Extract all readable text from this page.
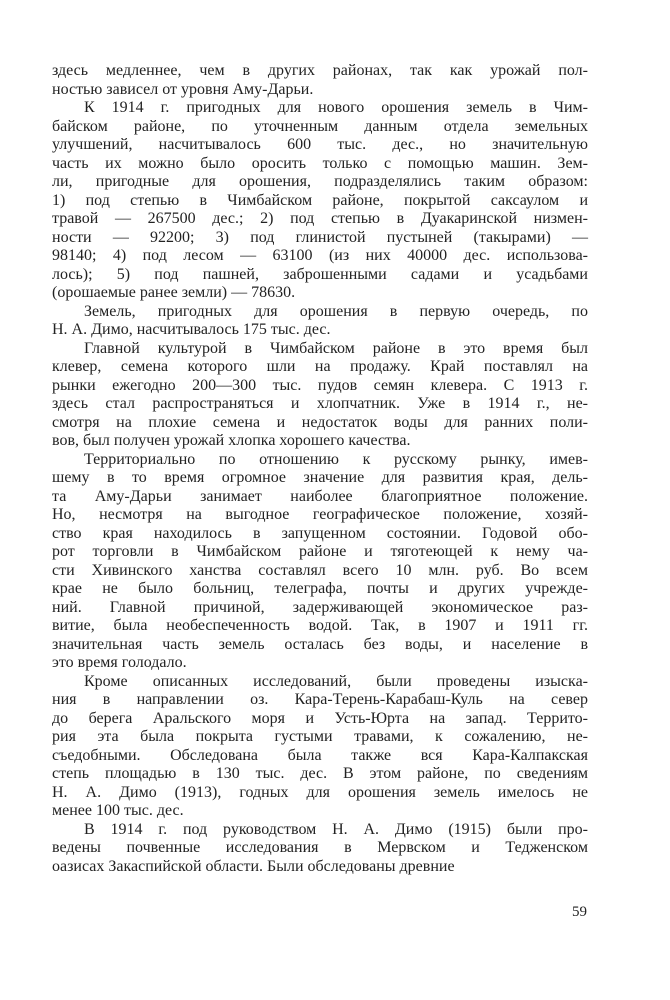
здесь медленнее, чем в других районах, так как урожай пол-
ностью зависел от уровня Аму-Дарьи.
К 1914 г. пригодных для нового орошения земель в Чим-
байском районе, по уточненным данным отдела земельных
улучшений, насчитывалось 600 тыс. дес., но значительную
часть их можно было оросить только с помощью машин. Зем-
ли, пригодные для орошения, подразделялись таким образом:
1) под степью в Чимбайском районе, покрытой саксаулом и
травой — 267500 дес.; 2) под степью в Дуакаринской низмен-
ности — 92200; 3) под глинистой пустыней (такырами) —
98140; 4) под лесом — 63100 (из них 40000 дес. использова-
лось); 5) под пашней, заброшенными садами и усадьбами
(орошаемые ранее земли) — 78630.
Земель, пригодных для орошения в первую очередь, по
Н. А. Димо, насчитывалось 175 тыс. дес.
Главной культурой в Чимбайском районе в это время был
клевер, семена которого шли на продажу. Край поставлял на
рынки ежегодно 200—300 тыс. пудов семян клевера. С 1913 г.
здесь стал распространяться и хлопчатник. Уже в 1914 г., не-
смотря на плохие семена и недостаток воды для ранних поли-
вов, был получен урожай хлопка хорошего качества.
Территориально по отношению к русскому рынку, имев-
шему в то время огромное значение для развития края, дель-
та Аму-Дарьи занимает наиболее благоприятное положение.
Но, несмотря на выгодное географическое положение, хозяй-
ство края находилось в запущенном состоянии. Годовой обо-
рот торговли в Чимбайском районе и тяготеющей к нему ча-
сти Хивинского ханства составлял всего 10 млн. руб. Во всем
крае не было больниц, телеграфа, почты и других учрежде-
ний. Главной причиной, задерживающей экономическое раз-
витие, была необеспеченность водой. Так, в 1907 и 1911 гг.
значительная часть земель осталась без воды, и население в
это время голодало.
Кроме описанных исследований, были проведены изыска-
ния в направлении оз. Кара-Терень-Карабаш-Куль на север
до берега Аральского моря и Усть-Юрта на запад. Террито-
рия эта была покрыта густыми травами, к сожалению, не-
съедобными. Обследована была также вся Кара-Калпакская
степь площадью в 130 тыс. дес. В этом районе, по сведениям
Н. А. Димо (1913), годных для орошения земель имелось не
менее 100 тыс. дес.
В 1914 г. под руководством Н. А. Димо (1915) были про-
ведены почвенные исследования в Мервском и Тедженском
оазисах Закаспийской области. Были обследованы древние
59
